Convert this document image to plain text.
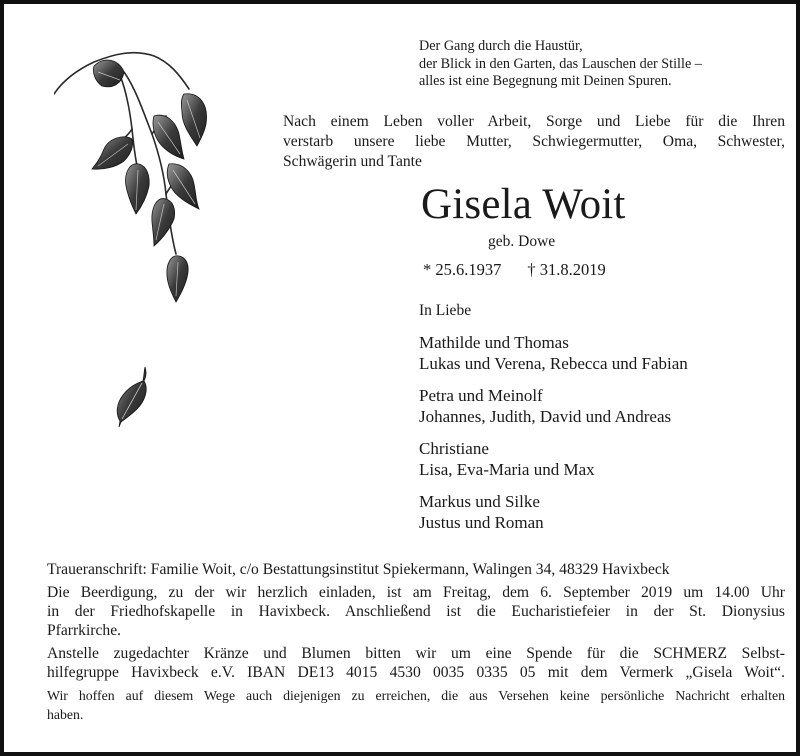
Der Gang durch die Haustür,
der Blick in den Garten, das Lauschen der Stille –
alles ist eine Begegnung mit Deinen Spuren.
Nach einem Leben voller Arbeit, Sorge und Liebe für die Ihren
verstarb unsere liebe Mutter, Schwiegermutter, Oma, Schwester,
Schwägerin und Tante
Gisela Woit
geb. Dowe
* 25.6.1937 † 31.8.2019
In Liebe
Mathilde und Thomas
Lukas und Verena, Rebecca und Fabian
Petra und Meinolf
Johannes, Judith, David und Andreas
Christiane
Lisa, Eva-Maria und Max
Markus und Silke
Justus und Roman
Traueranschrift: Familie Woit, c/o Bestattungsinstitut Spiekermann, Walingen 34, 48329 Havixbeck
Die Beerdigung, zu der wir herzlich einladen, ist am Freitag, dem 6. September 2019 um 14.00 Uhr
in der Friedhofskapelle in Havixbeck. Anschließend ist die Eucharistiefeier in der St. Dionysius
Pfarrkirche.
Anstelle zugedachter Kränze und Blumen bitten wir um eine Spende für die SCHMERZ Selbst-
hilfegruppe Havixbeck e.V. IBAN DE13 4015 4530 0035 0335 05 mit dem Vermerk „Gisela Woit“.
Wir hoffen auf diesem Wege auch diejenigen zu erreichen, die aus Versehen keine persönliche Nachricht erhalten
haben.
